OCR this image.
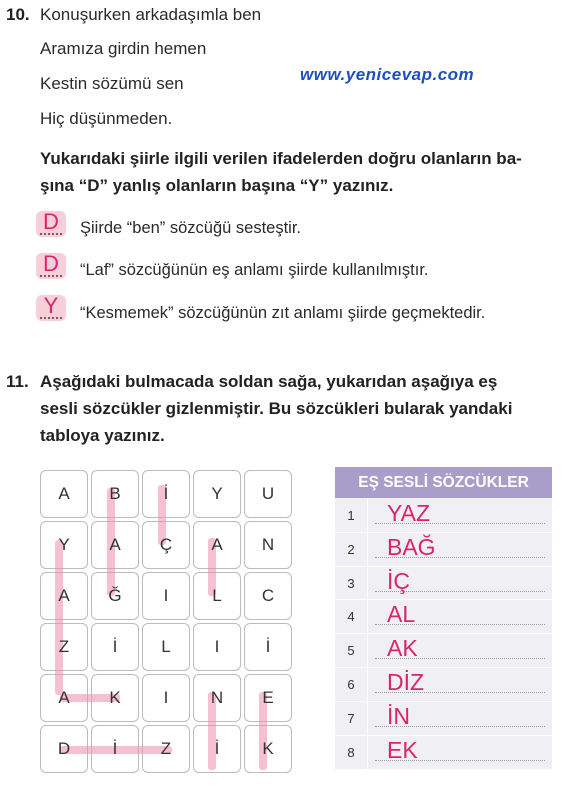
10. Konuşurken arkadaşımla ben
Aramıza girdin hemen
Kestin sözümü sen	www.yenicevap.com
Hiç düşünmeden.
Yukarıdaki şiirle ilgili verilen ifadelerden doğru olanların ba-
şına “D” yanlış olanların başına “Y” yazınız.
D	Şiirde “ben” sözcüğü sesteştir.
D	“Laf” sözcüğünün eş anlamı şiirde kullanılmıştır.
Y	“Kesmemek” sözcüğünün zıt anlamı şiirde geçmektedir.
11. Aşağıdaki bulmacada soldan sağa, yukarıdan aşağıya eş
sesli sözcükler gizlenmiştir. Bu sözcükleri bularak yandaki
tabloya yazınız.
A	B	İ	Y	U
Y	A	Ç	A	N
A	Ğ	I	L	C
Z	İ	L	I	İ
A	K	I	N	E
D	İ	Z	İ	K
EŞ SESLİ SÖZCÜKLER
1	YAZ
2	BAĞ
3	İÇ
4	AL
5	AK
6	DİZ
7	İN
8	EK
